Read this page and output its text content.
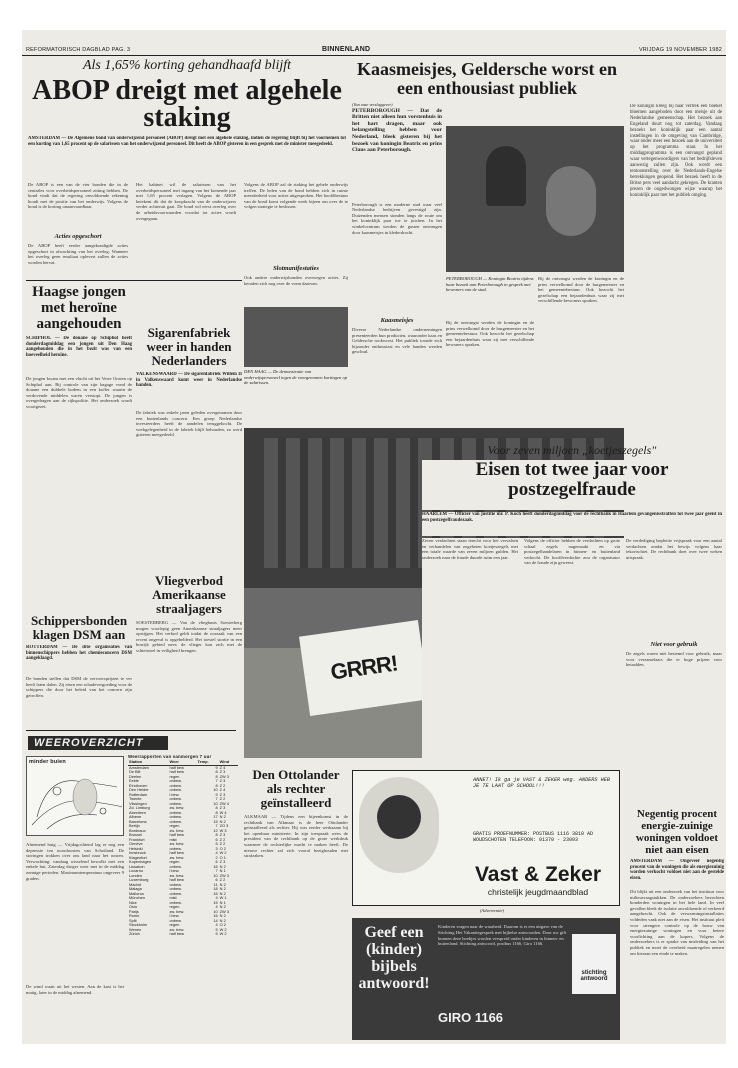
REFORMATORISCH DAGBLAD PAG. 3	BINNENLAND	VRIJDAG 19 NOVEMBER 1982
Als 1,65% korting gehandhaafd blijft
ABOP dreigt met algehele staking
AMSTERDAM — De Algemene bond van onderwijzend personeel (ABOP) dreigt met een algehele staking, indien de regering blijft bij het voornemen tot een korting van 1,65 procent op de salarissen van het onderwijzend personeel. Dit heeft de ABOP gisteren in een gesprek met de minister meegedeeld.
De ABOP is een van de vier bonden die in de centrales voor overheidspersoneel zitting hebben. De bond vindt dat de regering onvoldoende rekening houdt met de positie van het onderwijs. Volgens de bond is de korting onaanvaardbaar.
Acties opgeschort
De ABOP heeft eerder aangekondigde acties opgeschort in afwachting van het overleg. Wanneer het overleg geen resultaat oplevert zullen de acties worden hervat.
Het kabinet wil de salarissen van het overheidspersoneel met ingang van het komende jaar met 1,65 procent verlagen. Volgens de ABOP betekent dit dat de koopkracht van de onderwijzers verder achteruit gaat. De bond wil eerst overleg over de arbeidsvoorwaarden voordat tot acties wordt overgegaan.
Volgens de ABOP zal de staking het gehele onderwijs treffen. De leden van de bond hebben zich in ruime meerderheid voor acties uitgesproken. Het hoofdbestuur van de bond komt volgende week bijeen om over de te volgen strategie te beslissen.
Slotmanifestaties
Ook andere onderwijsbonden overwegen acties. Zij beraden zich nog over de vorm daarvan.
DEN HAAG — De demonstratie van onderwijspersoneel tegen de voorgenomen kortingen op de salarissen.
Haagse jongen met heroïne aangehouden
SCHIPHOL — De douane op Schiphol heeft donderdagmiddag een jongen uit Den Haag aangehouden die in het bezit was van een hoeveelheid heroïne.
De jongen kwam met een vlucht uit het Verre Oosten op Schiphol aan. Bij controle van zijn bagage vond de douane een dubbele bodem in een koffer waarin de verdovende middelen waren verstopt. De jongen is overgedragen aan de rijkspolitie. Het onderzoek wordt voortgezet.
Sigarenfabriek weer in handen Nederlanders
VALKENSWAARD — De sigarenfabriek Willem II in Valkenswaard komt weer in Nederlandse handen.
De fabriek was enkele jaren geleden overgenomen door een buitenlands concern. Een groep Nederlandse investeerders heeft de aandelen teruggekocht. De werkgelegenheid in de fabriek blijft behouden, zo werd gisteren meegedeeld.
Vliegverbod Amerikaanse straaljagers
SOESTERBERG — Van de vliegbasis Soesterberg mogen voorlopig geen Amerikaanse straaljagers meer opstijgen. Het verbod geldt totdat de oorzaak van een recent ongeval is opgehelderd. Het toestel stortte in een bosrijk gebied neer; de vlieger kon zich met de schietstoel in veiligheid brengen.
Schippersbonden klagen DSM aan
ROTTERDAM — De drie organisaties van binnenschippers hebben het chemieconcern DSM aangeklaagd.
De bonden stellen dat DSM de vervoersprijzen te ver heeft laten dalen. Zij eisen een schadevergoeding voor de schippers die door het beleid van het concern zijn getroffen.
WEEROVERZICHT
minder buien
Weerrapporten van vanmorgen 7 uur
Station	Weer	Temp.	Wind
Amsterdam	half bew	9	Z 4
De Bilt	half bew	8	Z 3
Deelen	regen	8	ZW 3
Eelde	onbew.	7	Z 3
Eindhoven	onbew.	8	Z 2
Den Helder	onbew.	10	Z 4
Rotterdam	l bew.	9	Z 3
Twente	onbew.	7	Z 2
Vlissingen	onbew.	10	ZW 4
Zd. Limburg	zw. bew.	8	Z 3
Aberdeen	onbew.	8	W 4
Athene	onbew.	17	N 2
Barcelona	onbew.	15	N 2
Berlijn	regen	7	ZO 3
Bordeaux	zw. bew.	12	W 3
Brussel	half bew	8	Z 3
Frankfurt	mist	6	Z 2
Genève	zw. bew.	5	Z 2
Helsinki	onbew.	3	O 2
Innsbruck	half bew	4	W 2
Klagenfurt	zw. bew.	2	O 1
Kopenhagen	regen	6	Z 3
Lissabon	onbew.	16	N 2
Locarno	l bew.	7	N 1
Londen	zw. bew.	10	ZW 3
Luxemburg	half bew	6	Z 2
Madrid	onbew.	11	N 2
Malaga	onbew.	18	N 2
Mallorca	onbew.	16	N 2
München	mist	4	W 1
Nice	onbew.	15	N 1
Oslo	regen	4	N 2
Parijs	zw. bew.	10	ZW 3
Rome	l bew.	16	N 2
Split	onbew.	14	N 2
Stockholm	regen	4	O 2
Wenen	zw. bew.	5	W 2
Zürich	half bew	5	W 2
Afnemend buig — Vrijdagochtend lag er nog een depressie ten noordoosten van Schotland. De storingen trokken over ons land naar het oosten. Verwachting: vandaag wisselend bewolkt met een enkele bui. Zaterdag droger weer met in de middag zonnige perioden. Maximumtemperatuur ongeveer 9 graden.
De wind waait uit het westen. Aan de kust is het matig, later in de middag afnemend.
Den Ottolander als rechter geïnstalleerd
ALKMAAR — Tijdens een bijeenkomst in de rechtbank van Alkmaar is de heer Ottolander geïnstalleerd als rechter. Hij was eerder werkzaam bij het openbaar ministerie. In zijn toespraak wees de president van de rechtbank op de grote werkdruk waarmee de rechterlijke macht te maken heeft. De nieuwe rechter zal zich vooral bezighouden met strafzaken.
Kaasmeisjes, Geldersche worst en een enthousiast publiek
(Van onze verslaggever)
PETERBOROUGH — Dat de Britten niet alleen hun vorstenhuis in het hart dragen, maar ook belangstelling hebben voor Nederland, bleek gisteren bij het bezoek van koningin Beatrix en prins Claus aan Peterborough.
Peterborough is een moderne stad waar veel Nederlandse bedrijven gevestigd zijn. Duizenden mensen stonden langs de route om het koninklijk paar toe te juichen. In het winkelcentrum werden de gasten ontvangen door kaasmeisjes in klederdracht.
Kaasmeisjes
Diverse Nederlandse ondernemingen presenteerden hun producten, waaronder kaas en Geldersche rookworst. Het publiek toonde zich bijzonder enthousiast en vele handen werden geschud.
PETERBOROUGH — Koningin Beatrix tijdens haar bezoek aan Peterborough in gesprek met bewoners van de stad.
Bij de ontvangst werden de koningin en de prins verwelkomd door de burgemeester en het gemeentebestuur. Ook bezocht het gezelschap een bejaardenhuis waar zij met verschillende bewoners spraken.
Bij de ontvangst werden de koningin en de prins verwelkomd door de burgemeester en het gemeentebestuur. Ook bezocht het gezelschap een bejaardenhuis waar zij met verschillende bewoners spraken.
De koningin kreeg bij haar vertrek een boeket bloemen aangeboden door een meisje uit de Nederlandse gemeenschap. Het bezoek aan Engeland duurt nog tot zaterdag. Vandaag bezoekt het koninklijk paar een aantal instellingen in de omgeving van Cambridge, waar onder meer een bezoek aan de universiteit op het programma staat. In het middagprogramma is een ontvangst gepland waar vertegenwoordigers van het bedrijfsleven aanwezig zullen zijn. Ook wordt een tentoonstelling over de Nederlands-Engelse betrekkingen geopend. Het bezoek heeft in de Britse pers veel aandacht gekregen. De kranten prezen de ongedwongen wijze waarop het koninklijk paar met het publiek omging.
GRRR!
Voor zeven miljoen „koetjeszegels"
Eisen tot twee jaar voor postzegelfraude
HAARLEM — Officier van justitie mr. P. Koch heeft donderdagmiddag voor de rechtbank in Haarlem gevangenisstraffen tot twee jaar geëist in een postzegelfraudezaak.
Zeven verdachten staan terecht voor het vervalsen en verhandelen van zogeheten koetjeszegels met een totale waarde van zeven miljoen gulden. Het onderzoek naar de fraude duurde ruim een jaar.
Volgens de officier hebben de verdachten op grote schaal zegels nagemaakt en via postzegelhandelaren in binnen- en buitenland verkocht. De hoofdverdachte zou de organisator van de fraude zijn geweest.
De verdediging bepleitte vrijspraak voor een aantal verdachten omdat het bewijs volgens haar tekortschiet. De rechtbank doet over twee weken uitspraak.
Niet voor gebruik
De zegels waren niet bestemd voor gebruik, maar voor verzamelaars die er hoge prijzen voor betaalden.
ANNET! Ik ga je VAST & ZEKER weg. ANDERS HEB JE TE LAAT OP SCHOOL!!!
GRATIS PROEFNUMMER: POSTBUS 1116 3810 AD WOUDSCHOTEN TELEFOON: 01370 - 23093
Vast & Zeker
christelijk jeugdmaandblad
(Advertentie)
Geef een (kinder) bijbels antwoord!
Kinderen vragen naar de waarheid. Daarom is er een uitgave van de Stichting Het Vakantiegesprek met bijbelse antwoorden. Door uw gift kunnen deze boekjes worden verspreid onder kinderen in binnen- en buitenland. Stichting antwoord, postbus 1166, Giro 1166.
GIRO 1166
stichting antwoord
Negentig procent energie-zuinige woningen voldoet niet aan eisen
AMSTERDAM — Ongeveer negentig procent van de woningen die als energiezuinig worden verkocht voldoet niet aan de gestelde eisen.
Dit blijkt uit een onderzoek van het instituut voor milieuvraagstukken. De onderzoekers bezochten honderden woningen in het hele land. In veel gevallen bleek de isolatie onvoldoende of verkeerd aangebracht. Ook de verwarmingsinstallaties voldeden vaak niet aan de eisen. Het instituut pleit voor strengere controle op de bouw van energiezuinige woningen en voor betere voorlichting aan de kopers. Volgens de onderzoekers is er sprake van misleiding van het publiek en moet de overheid maatregelen nemen om hieraan een einde te maken.
